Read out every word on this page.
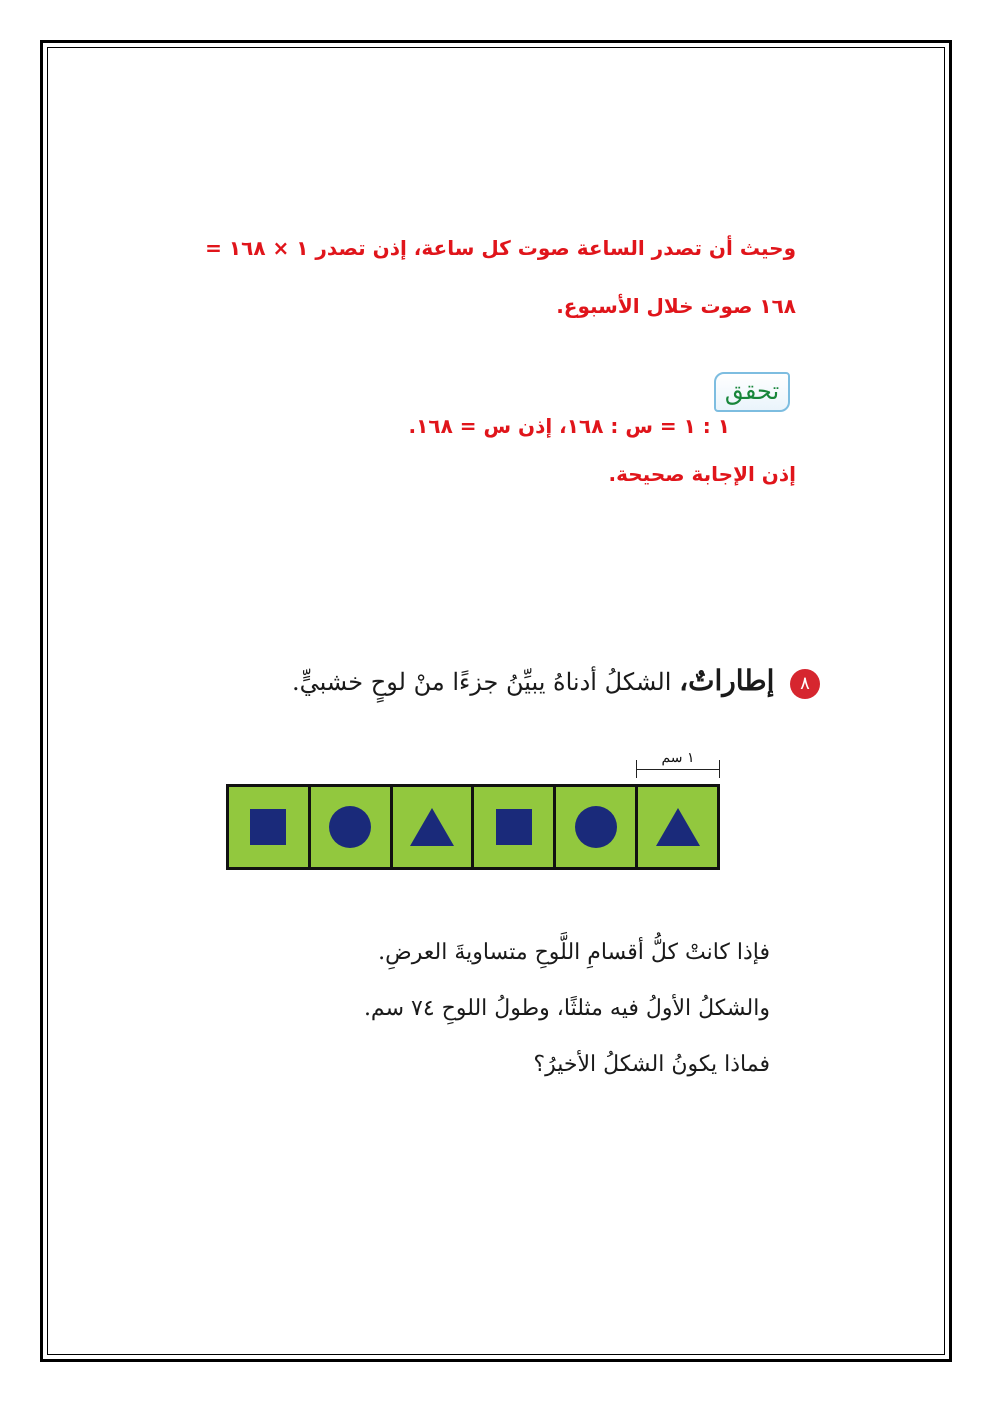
وحيث أن تصدر الساعة صوت كل ساعة، إذن تصدر ١ × ١٦٨ =
١٦٨ صوت خلال الأسبوع.
تحقق
١ : ١ = س : ١٦٨، إذن س = ١٦٨.
إذن الإجابة صحيحة.
٨ إطاراتٌ، الشكلُ أدناهُ يبيِّنُ جزءًا منْ لوحٍ خشبيٍّ.
١ سم
فإذا كانتْ كلُّ أقسامِ اللَّوحِ متساويةَ العرضِ.
والشكلُ الأولُ فيه مثلثًا، وطولُ اللوحِ ٧٤ سم.
فماذا يكونُ الشكلُ الأخيرُ؟
